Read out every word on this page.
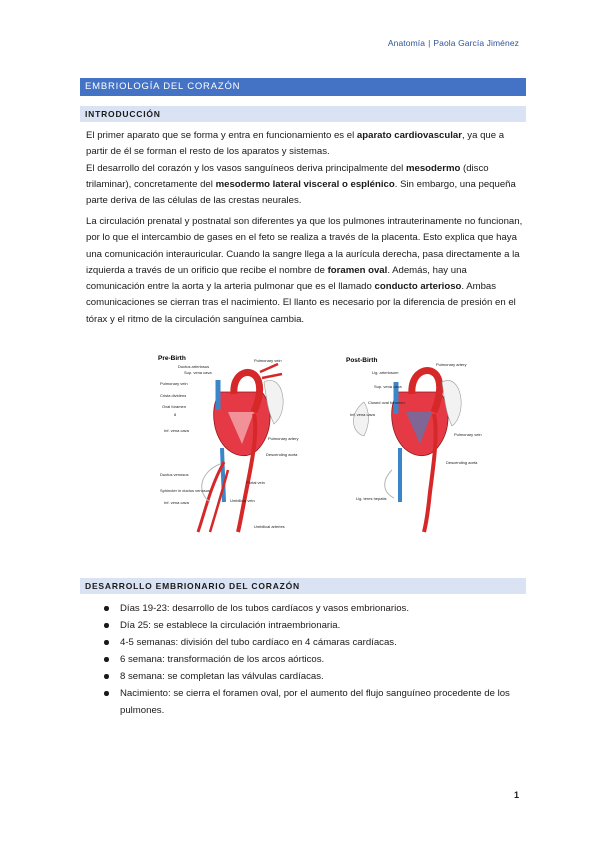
Anatomía | Paola García Jiménez
EMBRIOLOGÍA DEL CORAZÓN
INTRODUCCIÓN

El primer aparato que se forma y entra en funcionamiento es el aparato cardiovascular, ya que a partir de él se forman el resto de los aparatos y sistemas.

El desarrollo del corazón y los vasos sanguíneos deriva principalmente del mesodermo (disco trilaminar), concretamente del mesodermo lateral visceral o esplénico. Sin embargo, una pequeña parte deriva de las células de las crestas neurales.

La circulación prenatal y postnatal son diferentes ya que los pulmones intrauterinamente no funcionan, por lo que el intercambio de gases en el feto se realiza a través de la placenta. Esto explica que haya una comunicación interauricular. Cuando la sangre llega a la aurícula derecha, pasa directamente a la izquierda a través de un orificio que recibe el nombre de foramen oval. Además, hay una comunicación entre la aorta y la arteria pulmonar que es el llamado conducto arterioso. Ambas comunicaciones se cierran tras el nacimiento. El llanto es necesario por la diferencia de presión en el tórax y el ritmo de la circulación sanguínea cambia.

Pre-Birth	Pulmonary vein
Ductus arteriosus
Sup. vena cava
Pulmonary vein
Crista dividens
Oval foramen
8
Pulmonary artery
Inf. vena cava
Descending aorta
Ductus venosus
Portal vein
Sphincter in ductus venosus
Inf. vena cava	Umbilical vein
Umbilical arteries
Post-Birth
Pulmonary artery
Lig. arteriosum
Sup. vena cava
Closed oval foramen
Pulmonary vein
Inf. vena cava
Descending aorta
Lig. teres hepatis
DESARROLLO EMBRIONARIO DEL CORAZÓN
Días 19-23: desarrollo de los tubos cardíacos y vasos embrionarios.
Día 25: se establece la circulación intraembrionaria.
4-5 semanas: división del tubo cardíaco en 4 cámaras cardíacas.
6 semana: transformación de los arcos aórticos.
8 semana: se completan las válvulas cardíacas.
Nacimiento: se cierra el foramen oval, por el aumento del flujo sanguíneo procedente de los pulmones.
1
